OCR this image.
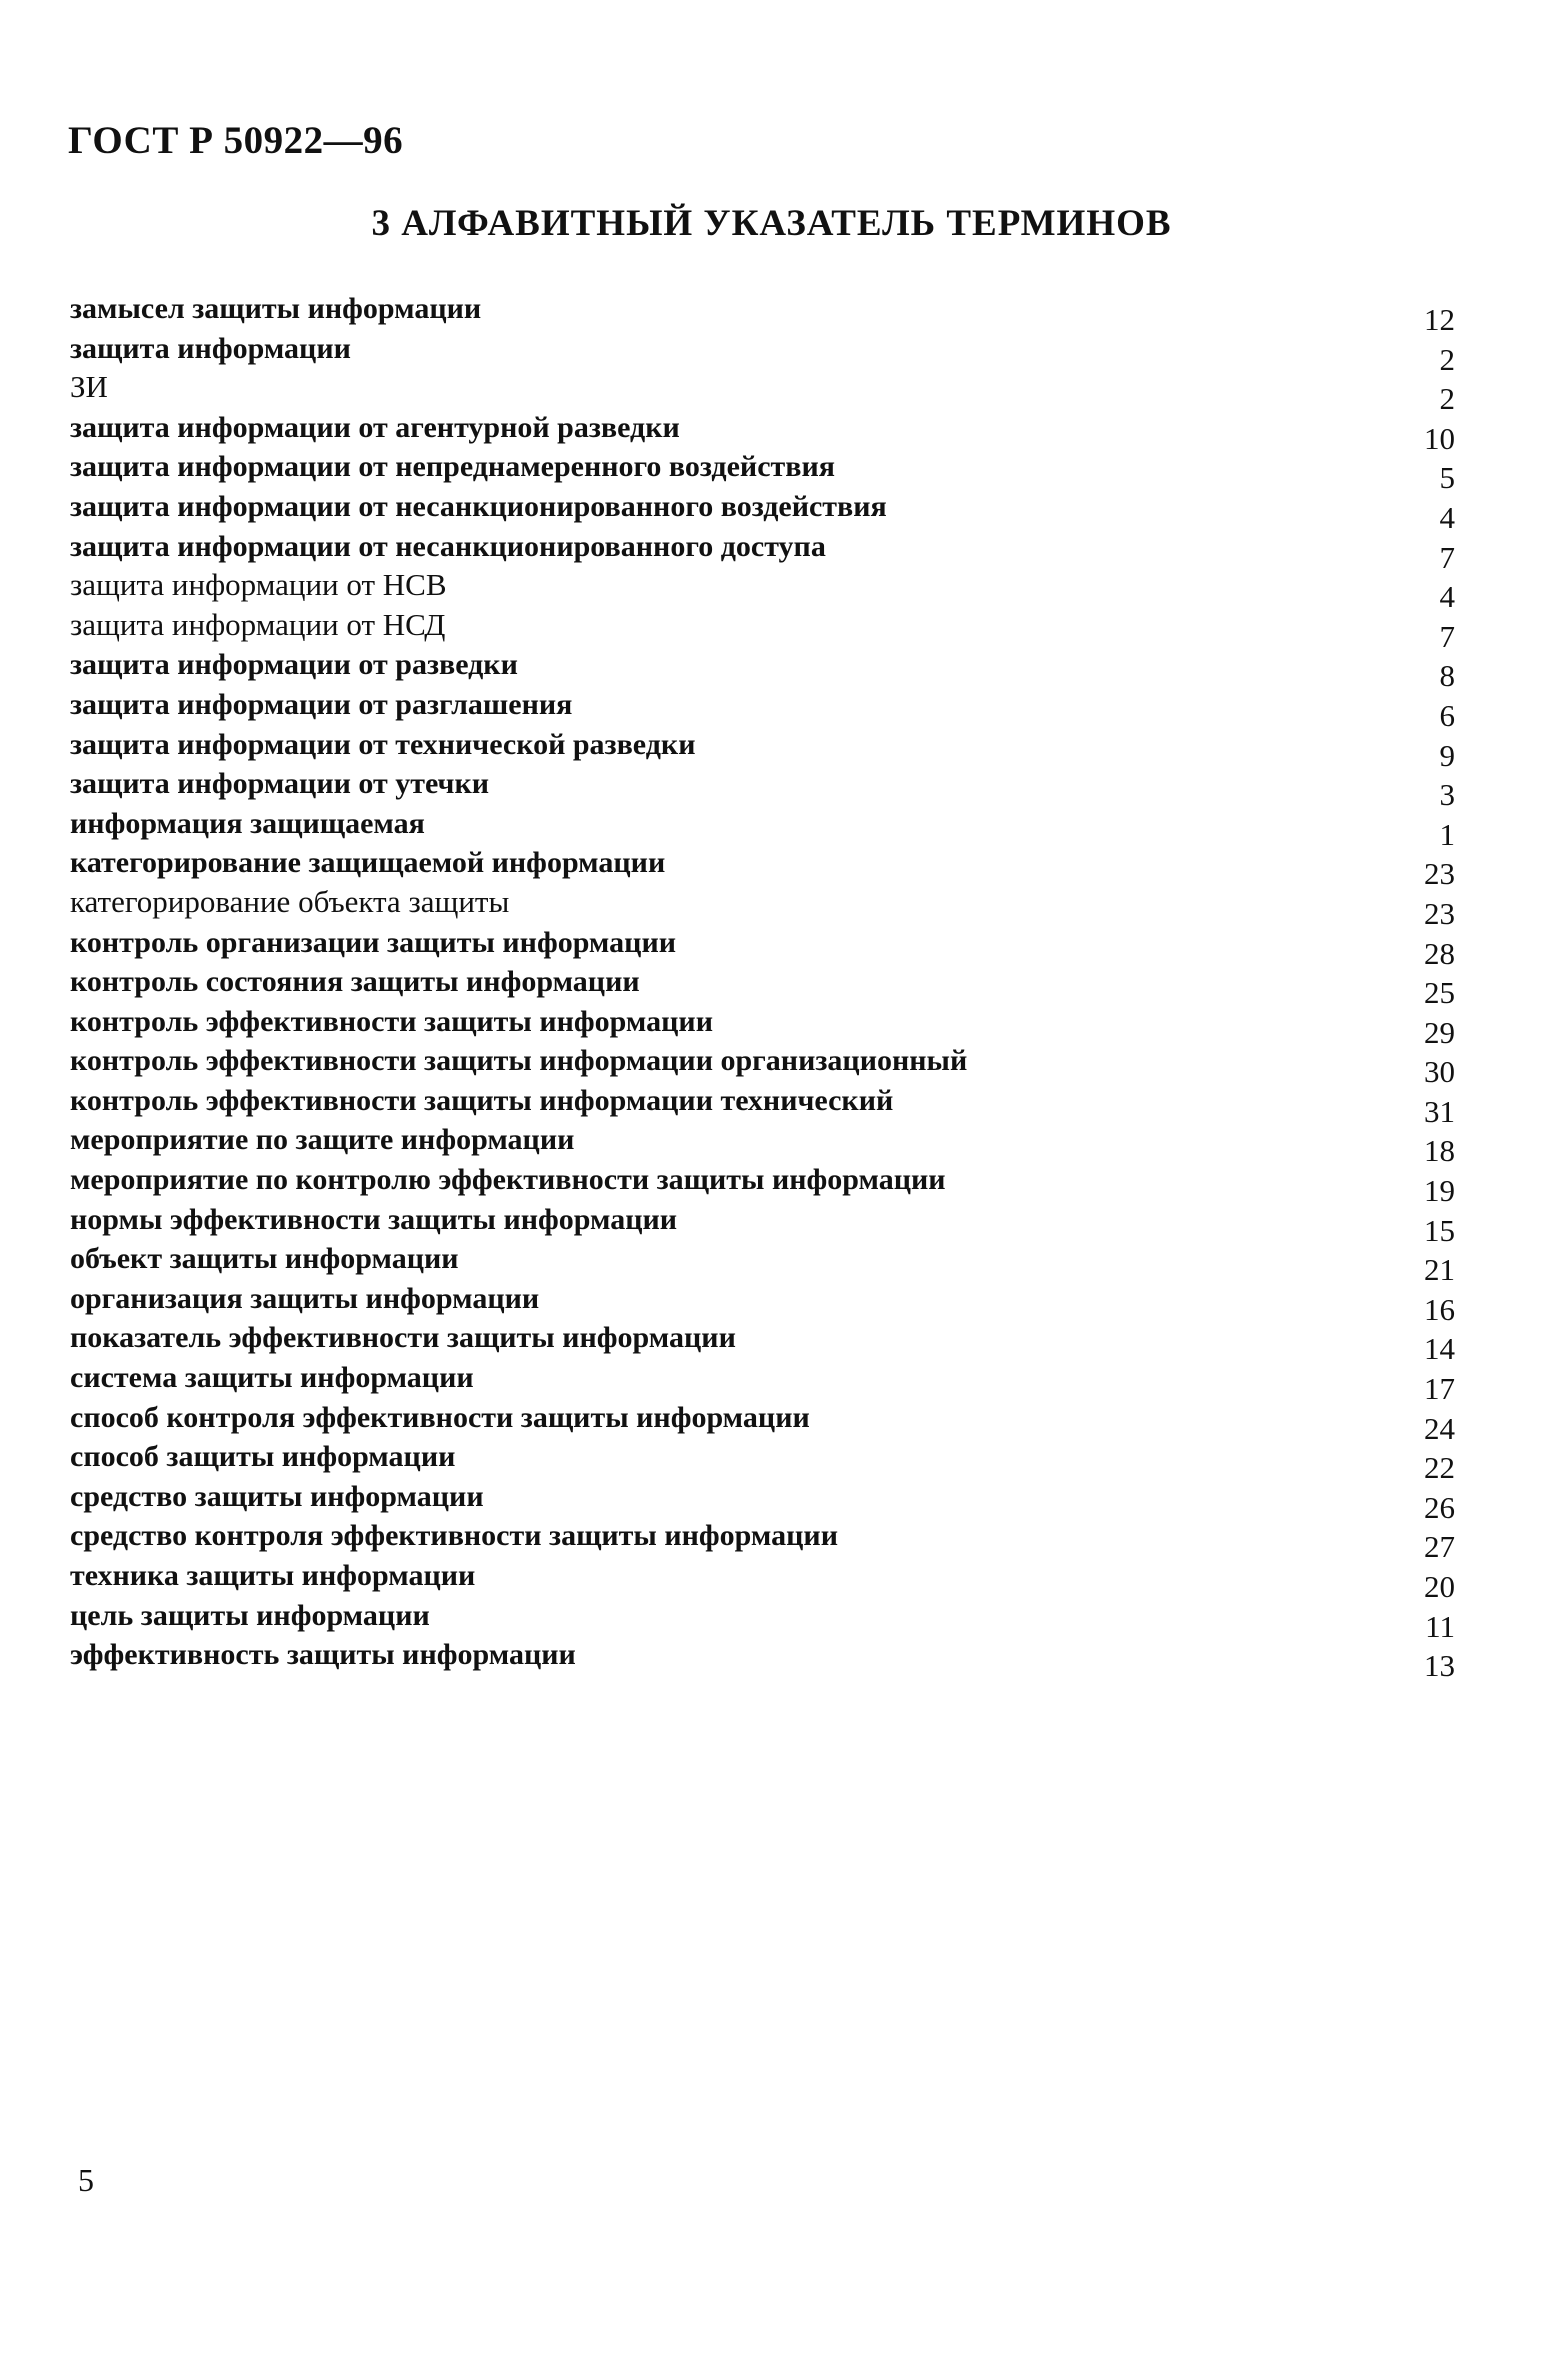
ГОСТ Р 50922—96
3 АЛФАВИТНЫЙ УКАЗАТЕЛЬ ТЕРМИНОВ
замысел защиты информации	12
защита информации	2
ЗИ	2
защита информации от агентурной разведки	10
защита информации от непреднамеренного воздействия	5
защита информации от несанкционированного воздействия	4
защита информации от несанкционированного доступа	7
защита информации от НСВ	4
защита информации от НСД	7
защита информации от разведки	8
защита информации от разглашения	6
защита информации от технической разведки	9
защита информации от утечки	3
информация защищаемая	1
категорирование защищаемой информации	23
категорирование объекта защиты	23
контроль организации защиты информации	28
контроль состояния защиты информации	25
контроль эффективности защиты информации	29
контроль эффективности защиты информации организационный	30
контроль эффективности защиты информации технический	31
мероприятие по защите информации	18
мероприятие по контролю эффективности защиты информации	19
нормы эффективности защиты информации	15
объект защиты информации	21
организация защиты информации	16
показатель эффективности защиты информации	14
система защиты информации	17
способ контроля эффективности защиты информации	24
способ защиты информации	22
средство защиты информации	26
средство контроля эффективности защиты информации	27
техника защиты информации	20
цель защиты информации	11
эффективность защиты информации	13

5
